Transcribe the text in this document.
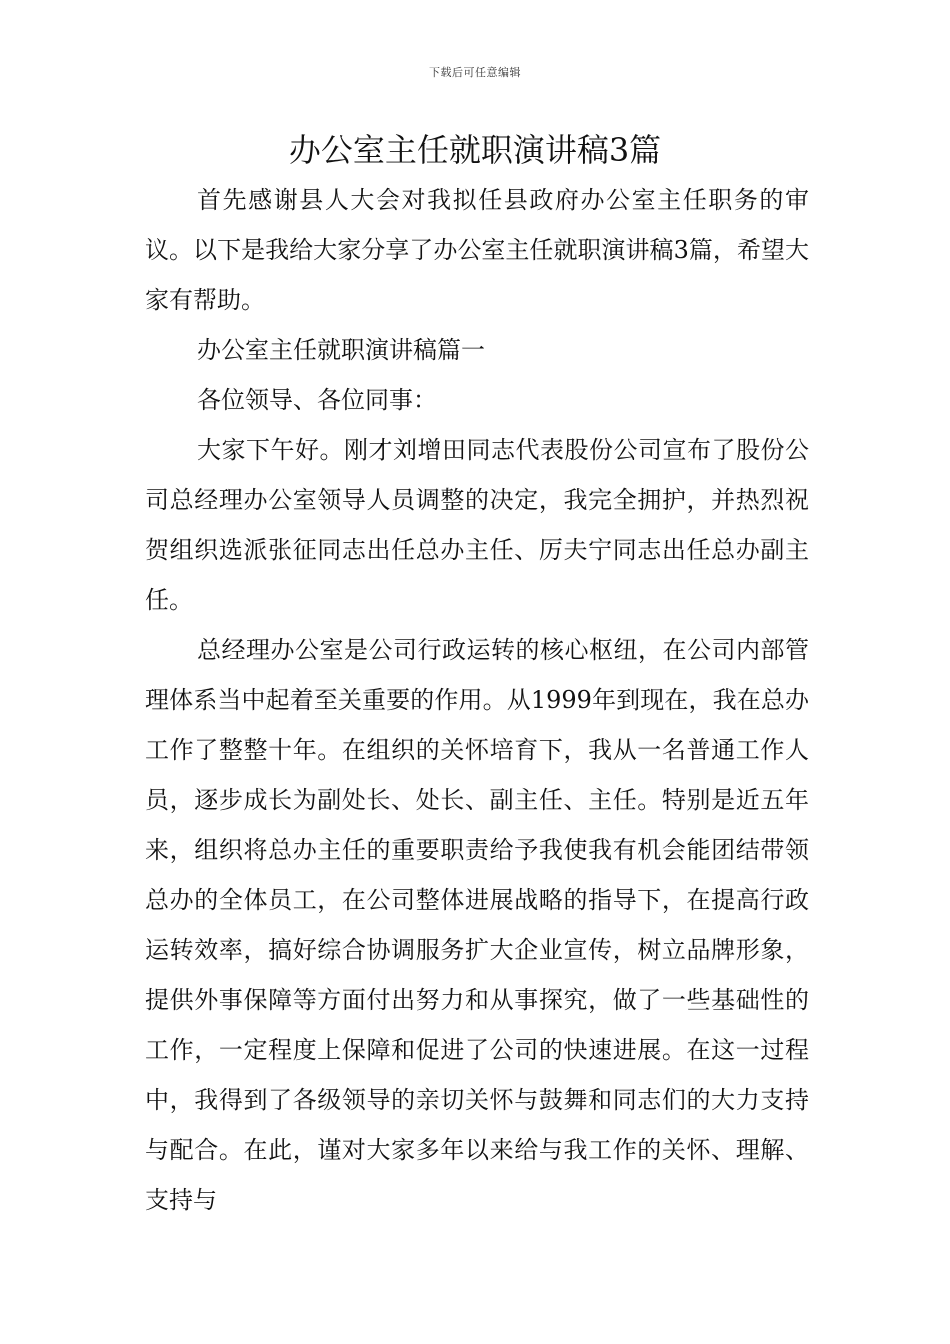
下载后可任意编辑
办公室主任就职演讲稿3篇

首先感谢县人大会对我拟任县政府办公室主任职务的审议。以下是我给大家分享了办公室主任就职演讲稿3篇，希望大家有帮助。

办公室主任就职演讲稿篇一

各位领导、各位同事：

大家下午好。刚才刘增田同志代表股份公司宣布了股份公司总经理办公室领导人员调整的决定，我完全拥护，并热烈祝贺组织选派张征同志出任总办主任、厉夫宁同志出任总办副主任。

总经理办公室是公司行政运转的核心枢纽，在公司内部管理体系当中起着至关重要的作用。从1999年到现在，我在总办工作了整整十年。在组织的关怀培育下，我从一名普通工作人员，逐步成长为副处长、处长、副主任、主任。特别是近五年来，组织将总办主任的重要职责给予我使我有机会能团结带领总办的全体员工，在公司整体进展战略的指导下，在提高行政运转效率，搞好综合协调服务扩大企业宣传，树立品牌形象，提供外事保障等方面付出努力和从事探究，做了一些基础性的工作，一定程度上保障和促进了公司的快速进展。在这一过程中，我得到了各级领导的亲切关怀与鼓舞和同志们的大力支持与配合。在此，谨对大家多年以来给与我工作的关怀、理解、支持与
